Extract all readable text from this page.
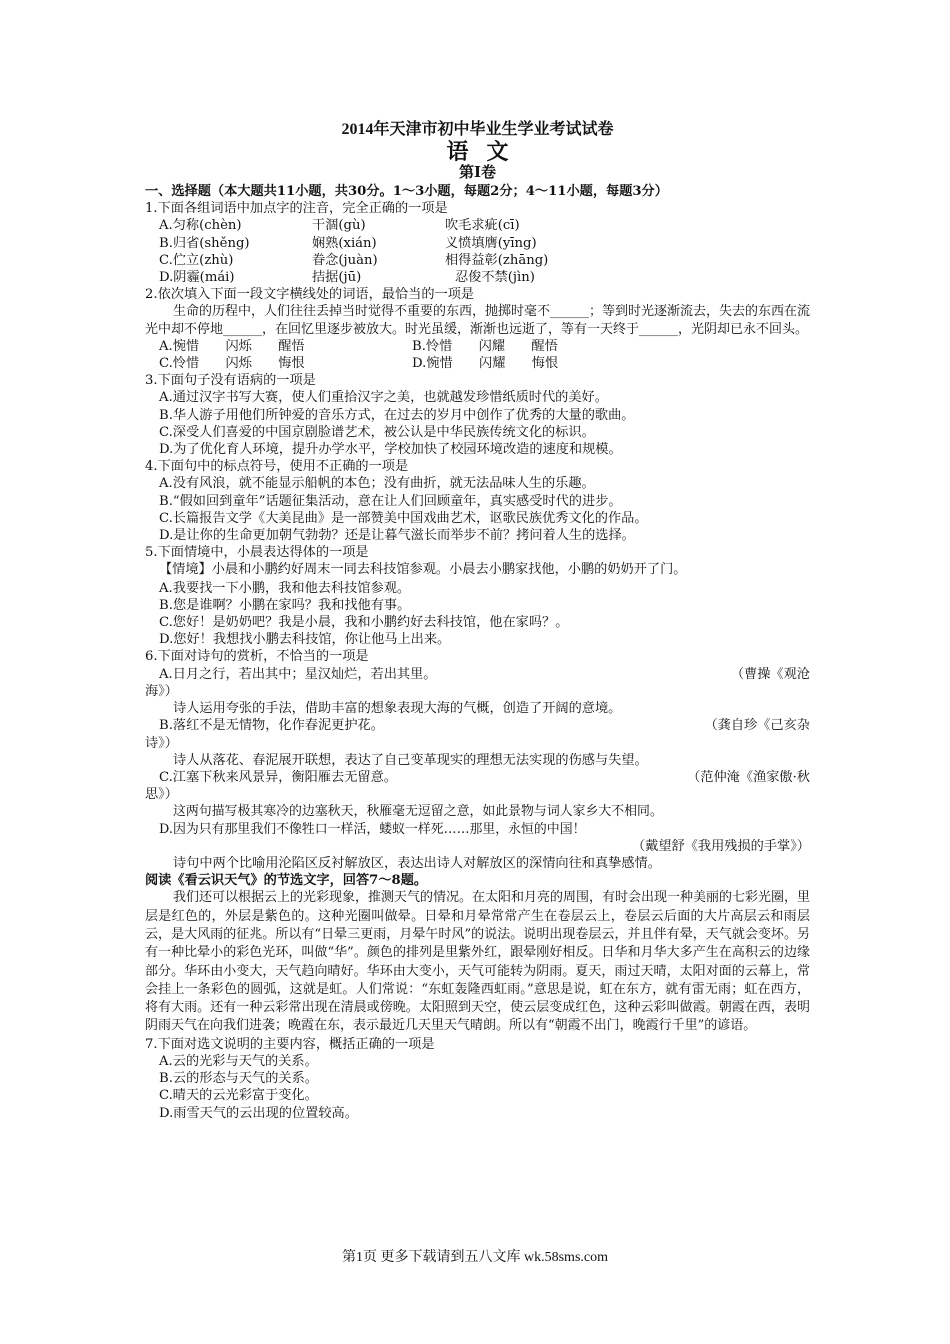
2014年天津市初中毕业生学业考试试卷
语文
第Ⅰ卷
一、选择题（本大题共11小题，共30分。1～3小题，每题2分；4～11小题，每题3分）
1.下面各组词语中加点字的注音，完全正确的一项是
A.匀称(chèn)	干涸(gù)	吹毛求疵(cī)
B.归省(shěng)	娴熟(xián)	义愤填膺(yīng)
C.伫立(zhù)	眷念(juàn)	相得益彰(zhāng)
D.阴霾(mái)	拮据(jū)	忍俊不禁(jìn)
2.依次填入下面一段文字横线处的词语，最恰当的一项是
生命的历程中，人们往往丢掉当时觉得不重要的东西，抛掷时毫不______；等到时光逐渐流去，失去的东西在流光中却不停地______，在回忆里逐步被放大。时光虽缓，渐渐也远逝了，等有一天终于______，光阴却已永不回头。
A.惋惜　　闪烁　　醒悟	B.怜惜　　闪耀　　醒悟
C.怜惜　　闪烁　　悔恨	D.惋惜　　闪耀　　悔恨
3.下面句子没有语病的一项是
A.通过汉字书写大赛，使人们重拾汉字之美，也就越发珍惜纸质时代的美好。
B.华人游子用他们所钟爱的音乐方式，在过去的岁月中创作了优秀的大量的歌曲。
C.深受人们喜爱的中国京剧脸谱艺术，被公认是中华民族传统文化的标识。
D.为了优化育人环境，提升办学水平，学校加快了校园环境改造的速度和规模。
4.下面句中的标点符号，使用不正确的一项是
A.没有风浪，就不能显示船帆的本色；没有曲折，就无法品味人生的乐趣。
B.“假如回到童年”话题征集活动，意在让人们回顾童年，真实感受时代的进步。
C.长篇报告文学《大美昆曲》是一部赞美中国戏曲艺术，讴歌民族优秀文化的作品。
D.是让你的生命更加朝气勃勃？还是让暮气滋长而举步不前？拷问着人生的选择。
5.下面情境中，小晨表达得体的一项是
【情境】小晨和小鹏约好周末一同去科技馆参观。小晨去小鹏家找他，小鹏的奶奶开了门。
A.我要找一下小鹏，我和他去科技馆参观。
B.您是谁啊？小鹏在家吗？我和找他有事。
C.您好！是奶奶吧？我是小晨，我和小鹏约好去科技馆，他在家吗？。
D.您好！我想找小鹏去科技馆，你让他马上出来。
6.下面对诗句的赏析，不恰当的一项是
A.日月之行，若出其中；星汉灿烂，若出其里。	（曹操《观沧
海》）
诗人运用夸张的手法，借助丰富的想象表现大海的气概，创造了开阔的意境。
B.落红不是无情物，化作春泥更护花。	（龚自珍《己亥杂
诗》）
诗人从落花、春泥展开联想，表达了自己变革现实的理想无法实现的伤感与失望。
C.江塞下秋来风景异，衡阳雁去无留意。	（范仲淹《渔家傲·秋
思》）
这两句描写极其寒冷的边塞秋天，秋雁毫无逗留之意，如此景物与词人家乡大不相同。
D.因为只有那里我们不像牲口一样活，蝼蚁一样死……那里，永恒的中国！
（戴望舒《我用残损的手掌》）
诗句中两个比喻用沦陷区反衬解放区，表达出诗人对解放区的深情向往和真挚感情。
阅读《看云识天气》的节选文字，回答7～8题。
我们还可以根据云上的光彩现象，推测天气的情况。在太阳和月亮的周围，有时会出现一种美丽的七彩光圈，里层是红色的，外层是紫色的。这种光圈叫做晕。日晕和月晕常常产生在卷层云上，卷层云后面的大片高层云和雨层云，是大风雨的征兆。所以有“日晕三更雨，月晕午时风”的说法。说明出现卷层云，并且伴有晕，天气就会变坏。另有一种比晕小的彩色光环，叫做“华”。颜色的排列是里紫外红，跟晕刚好相反。日华和月华大多产生在高积云的边缘部分。华环由小变大，天气趋向晴好。华环由大变小，天气可能转为阴雨。夏天，雨过天晴，太阳对面的云幕上，常会挂上一条彩色的圆弧，这就是虹。人们常说：“东虹轰隆西虹雨。”意思是说，虹在东方，就有雷无雨；虹在西方，将有大雨。还有一种云彩常出现在清晨或傍晚。太阳照到天空，使云层变成红色，这种云彩叫做霞。朝霞在西，表明阴雨天气在向我们进袭；晚霞在东，表示最近几天里天气晴朗。所以有“朝霞不出门，晚霞行千里”的谚语。
7.下面对选文说明的主要内容，概括正确的一项是
A.云的光彩与天气的关系。
B.云的形态与天气的关系。
C.晴天的云光彩富于变化。
D.雨雪天气的云出现的位置较高。
第1页 更多下载请到五八文库 wk.58sms.com
